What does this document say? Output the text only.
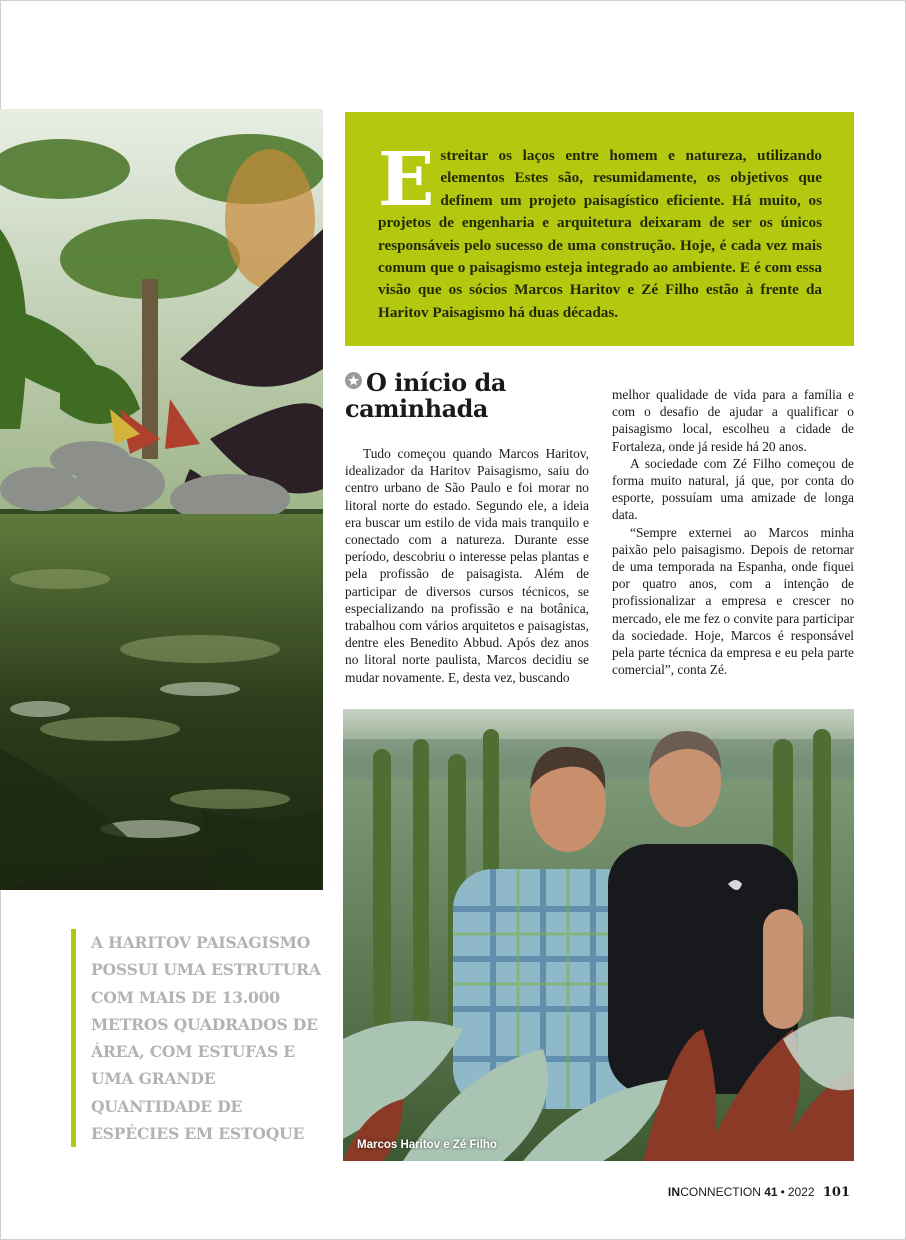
E streitar os laços entre homem e natureza, utilizando elementos Estes são, resumidamente, os objetivos que definem um projeto paisagístico eficiente. Há muito, os projetos de engenharia e arquitetura deixaram de ser os únicos responsáveis pelo sucesso de uma construção. Hoje, é cada vez mais comum que o paisagismo esteja integrado ao ambiente. E é com essa visão que os sócios Marcos Haritov e Zé Filho estão à frente da Haritov Paisagismo há duas décadas.

O início da
caminhada

Tudo começou quando Marcos Haritov, idealizador da Haritov Paisagismo, saiu do centro urbano de São Paulo e foi morar no litoral norte do estado. Segundo ele, a ideia era buscar um estilo de vida mais tranquilo e conectado com a natureza. Durante esse período, descobriu o interesse pelas plantas e pela profissão de paisagista. Além de participar de diversos cursos técnicos, se especializando na profissão e na botânica, trabalhou com vários arquitetos e paisagistas, dentre eles Benedito Abbud. Após dez anos no litoral norte paulista, Marcos decidiu se mudar novamente. E, desta vez, buscando

melhor qualidade de vida para a família e com o desafio de ajudar a qualificar o paisagismo local, escolheu a cidade de Fortaleza, onde já reside há 20 anos.

A sociedade com Zé Filho começou de forma muito natural, já que, por conta do esporte, possuíam uma amizade de longa data.

“Sempre externei ao Marcos minha paixão pelo paisagismo. Depois de retornar de uma temporada na Espanha, onde fiquei por quatro anos, com a intenção de profissionalizar a empresa e crescer no mercado, ele me fez o convite para participar da sociedade. Hoje, Marcos é responsável pela parte técnica da empresa e eu pela parte comercial”, conta Zé.

Marcos Haritov e Zé Filho
A HARITOV PAISAGISMO POSSUI UMA ESTRUTURA COM MAIS DE 13.000 METROS QUADRADOS DE ÁREA, COM ESTUFAS E UMA GRANDE QUANTIDADE DE ESPÉCIES EM ESTOQUE
INCONNECTION 41 • 2022 101
